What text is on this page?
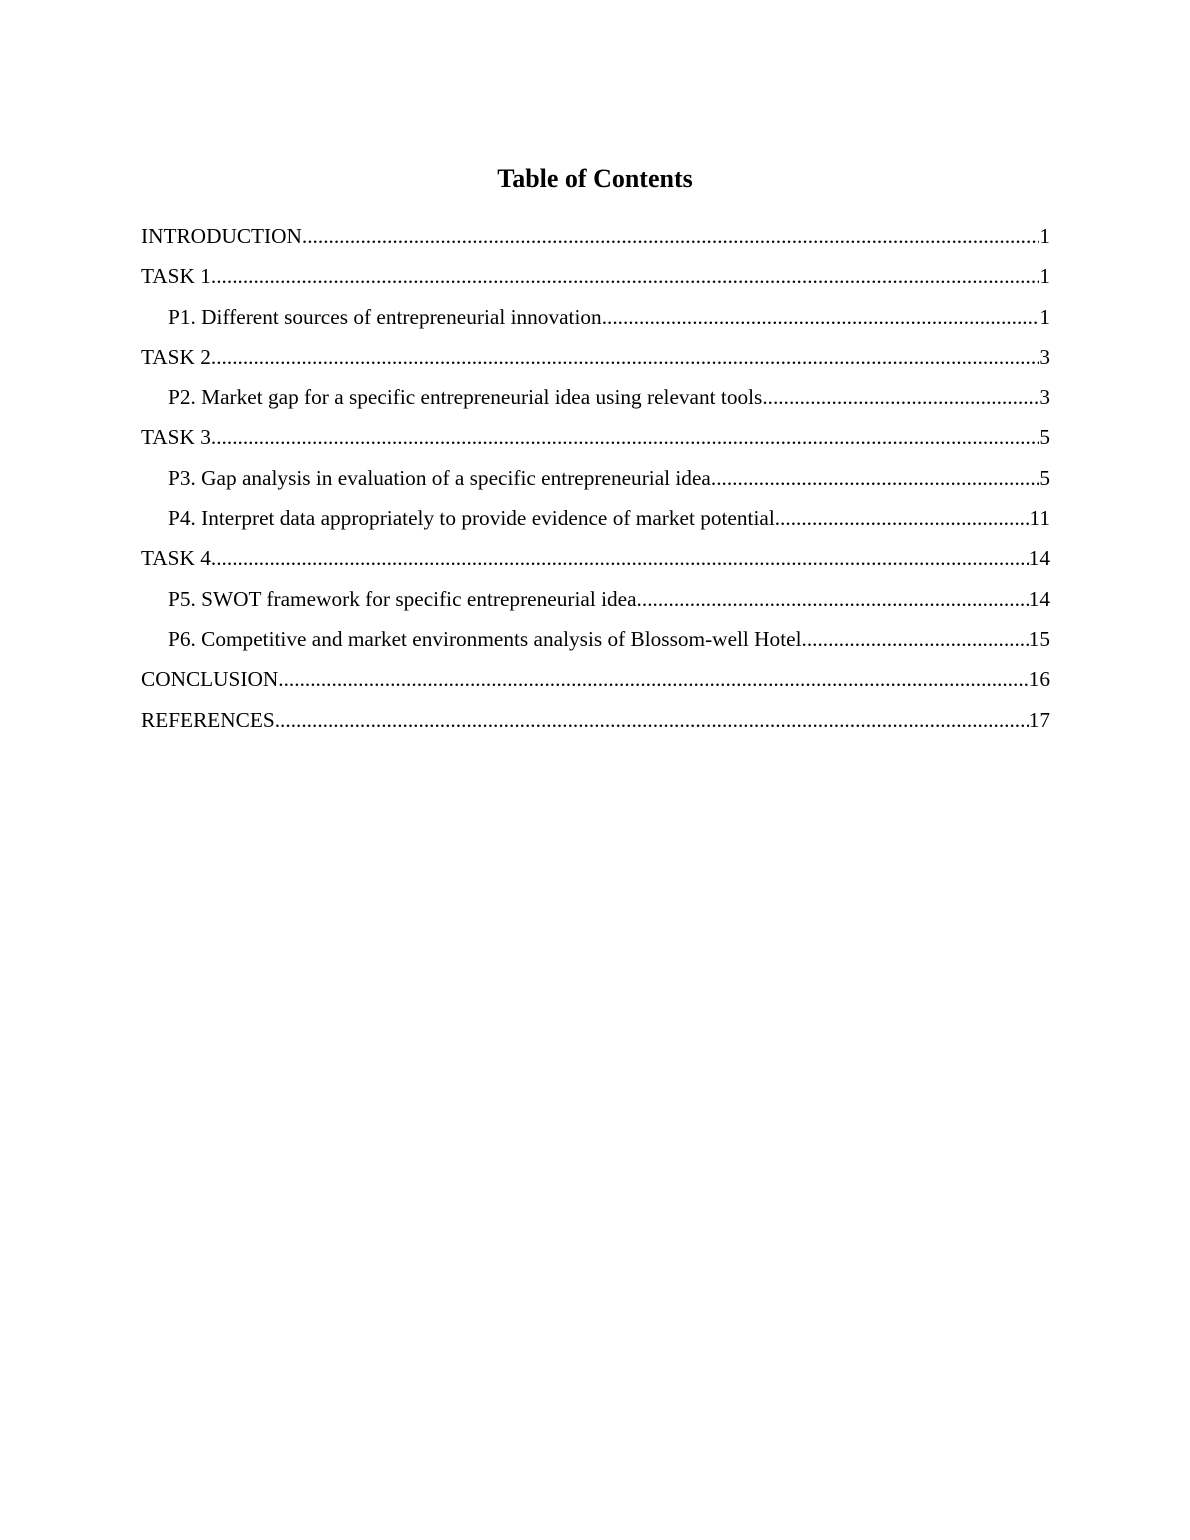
Table of Contents
INTRODUCTION .....	1
TASK 1 .....	1
P1. Different sources of entrepreneurial innovation .....	1
TASK 2 .....	3
P2. Market gap for a specific entrepreneurial idea using relevant tools .....	3
TASK 3 .....	5
P3. Gap analysis in evaluation of a specific entrepreneurial idea .....	5
P4. Interpret data appropriately to provide evidence of market potential .....	11
TASK 4 .....	14
P5. SWOT framework for specific entrepreneurial idea .....	14
P6. Competitive and market environments analysis of Blossom-well Hotel .....	15
CONCLUSION .....	16
REFERENCES .....	17
